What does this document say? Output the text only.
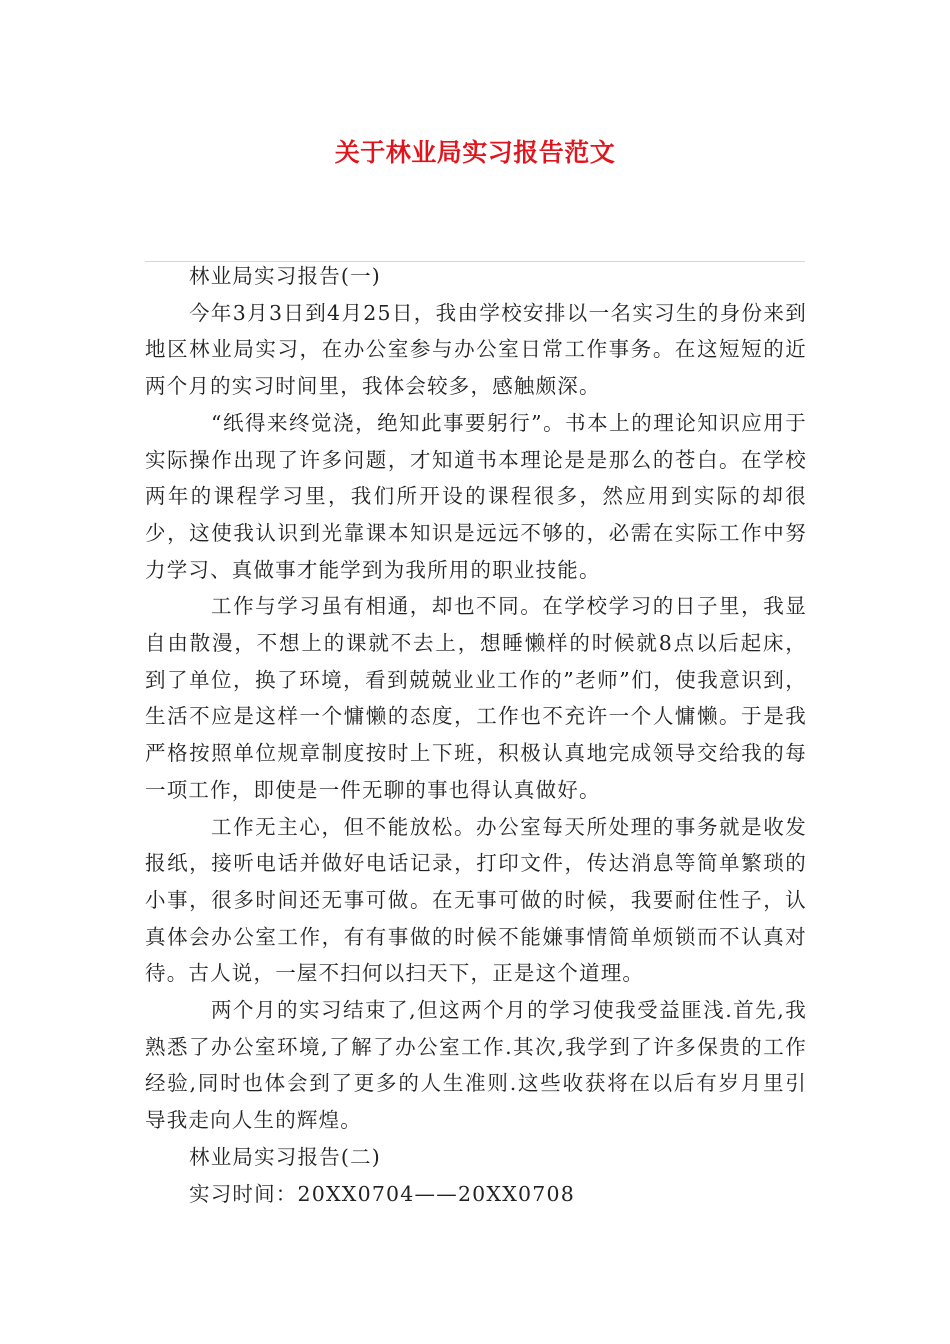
关于林业局实习报告范文

林业局实习报告(一)

今年3月3日到4月25日，我由学校安排以一名实习生的身份来到地区林业局实习，在办公室参与办公室日常工作事务。在这短短的近两个月的实习时间里，我体会较多，感触颇深。

“纸得来终觉浇，绝知此事要躬行”。书本上的理论知识应用于实际操作出现了许多问题，才知道书本理论是是那么的苍白。在学校两年的课程学习里，我们所开设的课程很多，然应用到实际的却很少，这使我认识到光靠课本知识是远远不够的，必需在实际工作中努力学习、真做事才能学到为我所用的职业技能。

工作与学习虽有相通，却也不同。在学校学习的日子里，我显自由散漫，不想上的课就不去上，想睡懒样的时候就8点以后起床，到了单位，换了环境，看到兢兢业业工作的”老师”们，使我意识到，生活不应是这样一个慵懒的态度，工作也不充许一个人慵懒。于是我严格按照单位规章制度按时上下班，积极认真地完成领导交给我的每一项工作，即使是一件无聊的事也得认真做好。

工作无主心，但不能放松。办公室每天所处理的事务就是收发报纸，接听电话并做好电话记录，打印文件，传达消息等简单繁琐的小事，很多时间还无事可做。在无事可做的时候，我要耐住性子，认真体会办公室工作，有有事做的时候不能嫌事情简单烦锁而不认真对待。古人说，一屋不扫何以扫天下，正是这个道理。

两个月的实习结束了,但这两个月的学习使我受益匪浅.首先,我熟悉了办公室环境,了解了办公室工作.其次,我学到了许多保贵的工作经验,同时也体会到了更多的人生准则.这些收获将在以后有岁月里引导我走向人生的辉煌。

林业局实习报告(二)

实习时间：20XX0704——20XX0708
